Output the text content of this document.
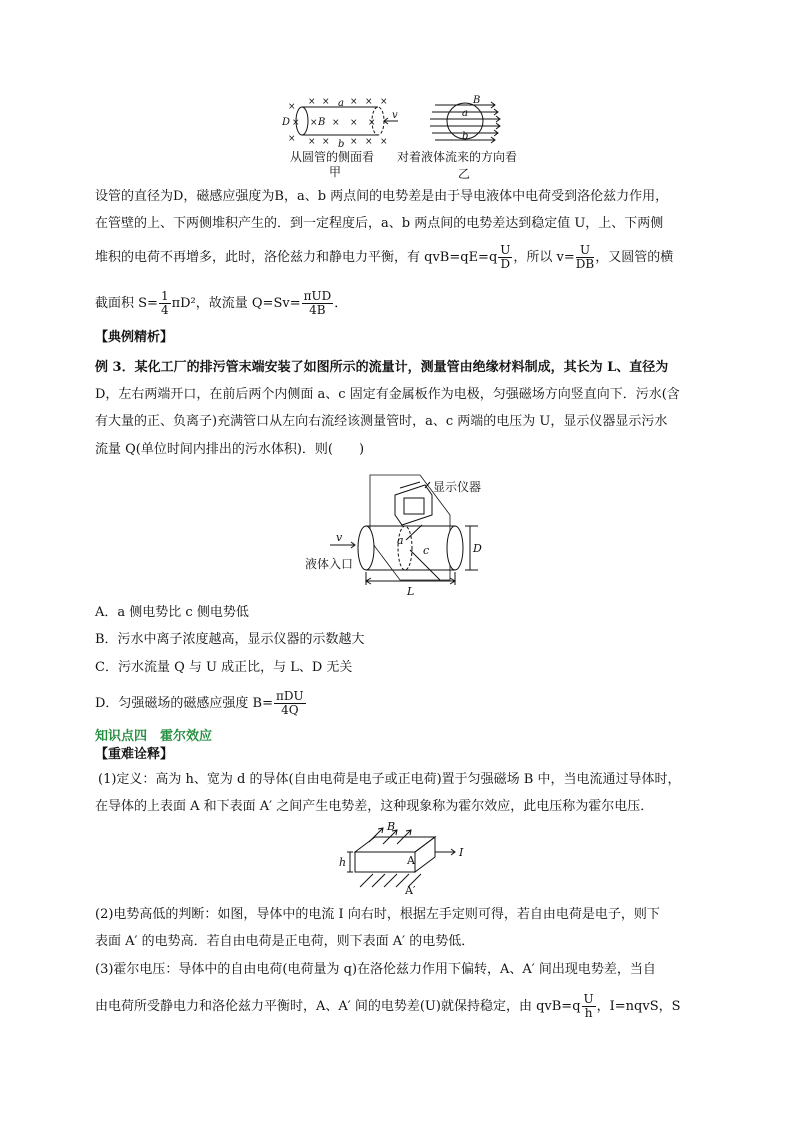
× × × × × ×
× × × × ×
× × × × × ×
D	B
a
b
v
B
a
b
从圆管的侧面看 对着液体流来的方向看
甲	乙
设管的直径为D，磁感应强度为B，a、b 两点间的电势差是由于导电液体中电荷受到洛伦兹力作用，
在管壁的上、下两侧堆积产生的．到一定程度后，a、b 两点间的电势差达到稳定值 U，上、下两侧
堆积的电荷不再增多，此时，洛伦兹力和静电力平衡，有 $qvB=qE=q \frac{U}{D}$ ，所以 $v= \frac{U}{DB}$ ，又圆管的横
截面积 $S= \frac{1}{4} \pi D^2$，故流量 $Q=Sv= \frac{\text{πUD}}{4B}$ ．
【典例精析】
例 3．某化工厂的排污管末端安装了如图所示的流量计，测量管由绝缘材料制成，其长为 L、直径为
D，左右两端开口，在前后两个内侧面 a、c 固定有金属板作为电极，匀强磁场方向竖直向下．污水(含
有大量的正、负离子)充满管口从左向右流经该测量管时，a、c 两端的电压为 U，显示仪器显示污水
流量 Q(单位时间内排出的污水体积)．则(　　)
v	a
c	D
L
显示仪器
液体入口
A．a 侧电势比 c 侧电势低
B．污水中离子浓度越高，显示仪器的示数越大
C．污水流量 Q 与 U 成正比，与 L、D 无关
D．匀强磁场的磁感应强度 $B= \frac{\text{πDU}}{4Q}$
知识点四　霍尔效应
【重难诠释】
(1)定义：高为 h、宽为 d 的导体(自由电荷是电子或正电荷)置于匀强磁场 B 中，当电流通过导体时，
在导体的上表面 A 和下表面 A′ 之间产生电势差，这种现象称为霍尔效应，此电压称为霍尔电压．
B
A
A′
I
h
(2)电势高低的判断：如图，导体中的电流 I 向右时，根据左手定则可得，若自由电荷是电子，则下
表面 A′ 的电势高．若自由电荷是正电荷，则下表面 A′ 的电势低．
(3)霍尔电压：导体中的自由电荷(电荷量为 q)在洛伦兹力作用下偏转，A、A′ 间出现电势差，当自
由电荷所受静电力和洛伦兹力平衡时，A、A′ 间的电势差(U)就保持稳定，由 $qvB=q \frac{U}{h}$ ，I=nqvS，S
